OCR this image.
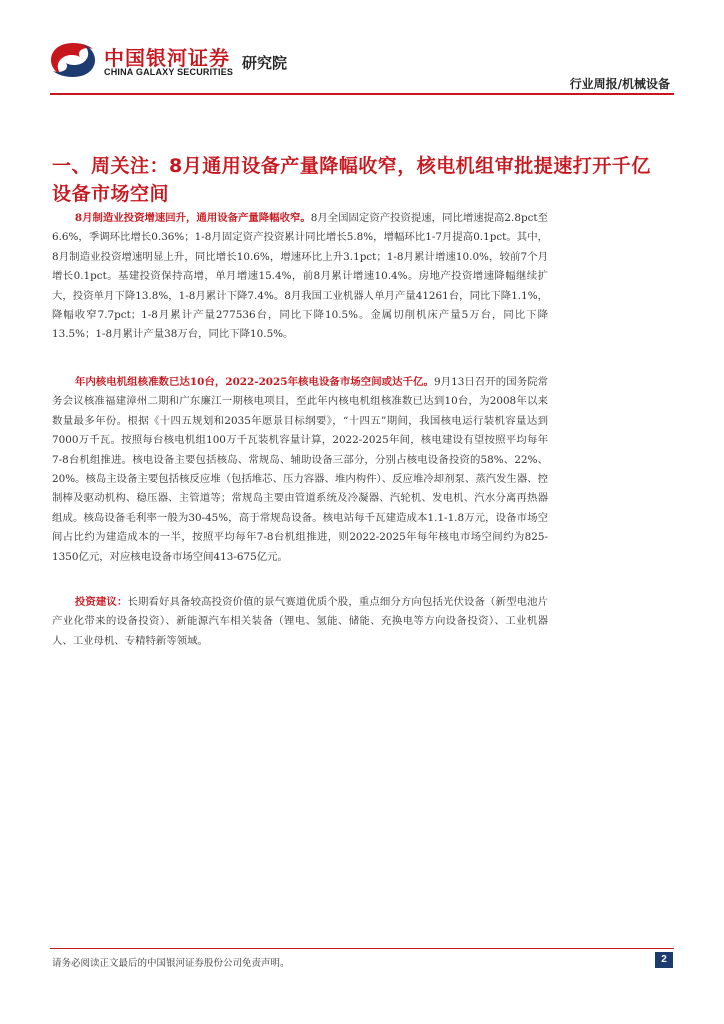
中国银河证券
CHINA GALAXY SECURITIES 研究院
行业周报/机械设备
一、周关注：8月通用设备产量降幅收窄，核电机组审批提速打开千亿设备市场空间

8月制造业投资增速回升，通用设备产量降幅收窄。8月全国固定资产投资提速，同比增速提高2.8pct至6.6%，季调环比增长0.36%；1-8月固定资产投资累计同比增长5.8%，增幅环比1-7月提高0.1pct。其中，8月制造业投资增速明显上升，同比增长10.6%，增速环比上升3.1pct；1-8月累计增速10.0%，较前7个月增长0.1pct。基建投资保持高增，单月增速15.4%，前8月累计增速10.4%。房地产投资增速降幅继续扩大，投资单月下降13.8%，1-8月累计下降7.4%。8月我国工业机器人单月产量41261台，同比下降1.1%，降幅收窄7.7pct；1-8月累计产量277536台，同比下降10.5%。金属切削机床产量5万台，同比下降13.5%；1-8月累计产量38万台，同比下降10.5%。

年内核电机组核准数已达10台，2022-2025年核电设备市场空间或达千亿。9月13日召开的国务院常务会议核准福建漳州二期和广东廉江一期核电项目，至此年内核电机组核准数已达到10台，为2008年以来数量最多年份。根据《十四五规划和2035年愿景目标纲要》，“十四五”期间，我国核电运行装机容量达到7000万千瓦。按照每台核电机组100万千瓦装机容量计算，2022-2025年间，核电建设有望按照平均每年7-8台机组推进。核电设备主要包括核岛、常规岛、辅助设备三部分，分别占核电设备投资的58%、22%、20%。核岛主设备主要包括核反应堆（包括堆芯、压力容器、堆内构件）、反应堆冷却剂泵、蒸汽发生器、控制棒及驱动机构、稳压器、主管道等；常规岛主要由管道系统及冷凝器、汽轮机、发电机、汽水分离再热器组成。核岛设备毛利率一般为30-45%，高于常规岛设备。核电站每千瓦建造成本1.1-1.8万元，设备市场空间占比约为建造成本的一半，按照平均每年7-8台机组推进，则2022-2025年每年核电市场空间约为825-1350亿元，对应核电设备市场空间413-675亿元。

投资建议：长期看好具备较高投资价值的景气赛道优质个股，重点细分方向包括光伏设备（新型电池片产业化带来的设备投资）、新能源汽车相关装备（锂电、氢能、储能、充换电等方向设备投资）、工业机器人、工业母机、专精特新等领域。

请务必阅读正文最后的中国银河证券股份公司免责声明。	2
